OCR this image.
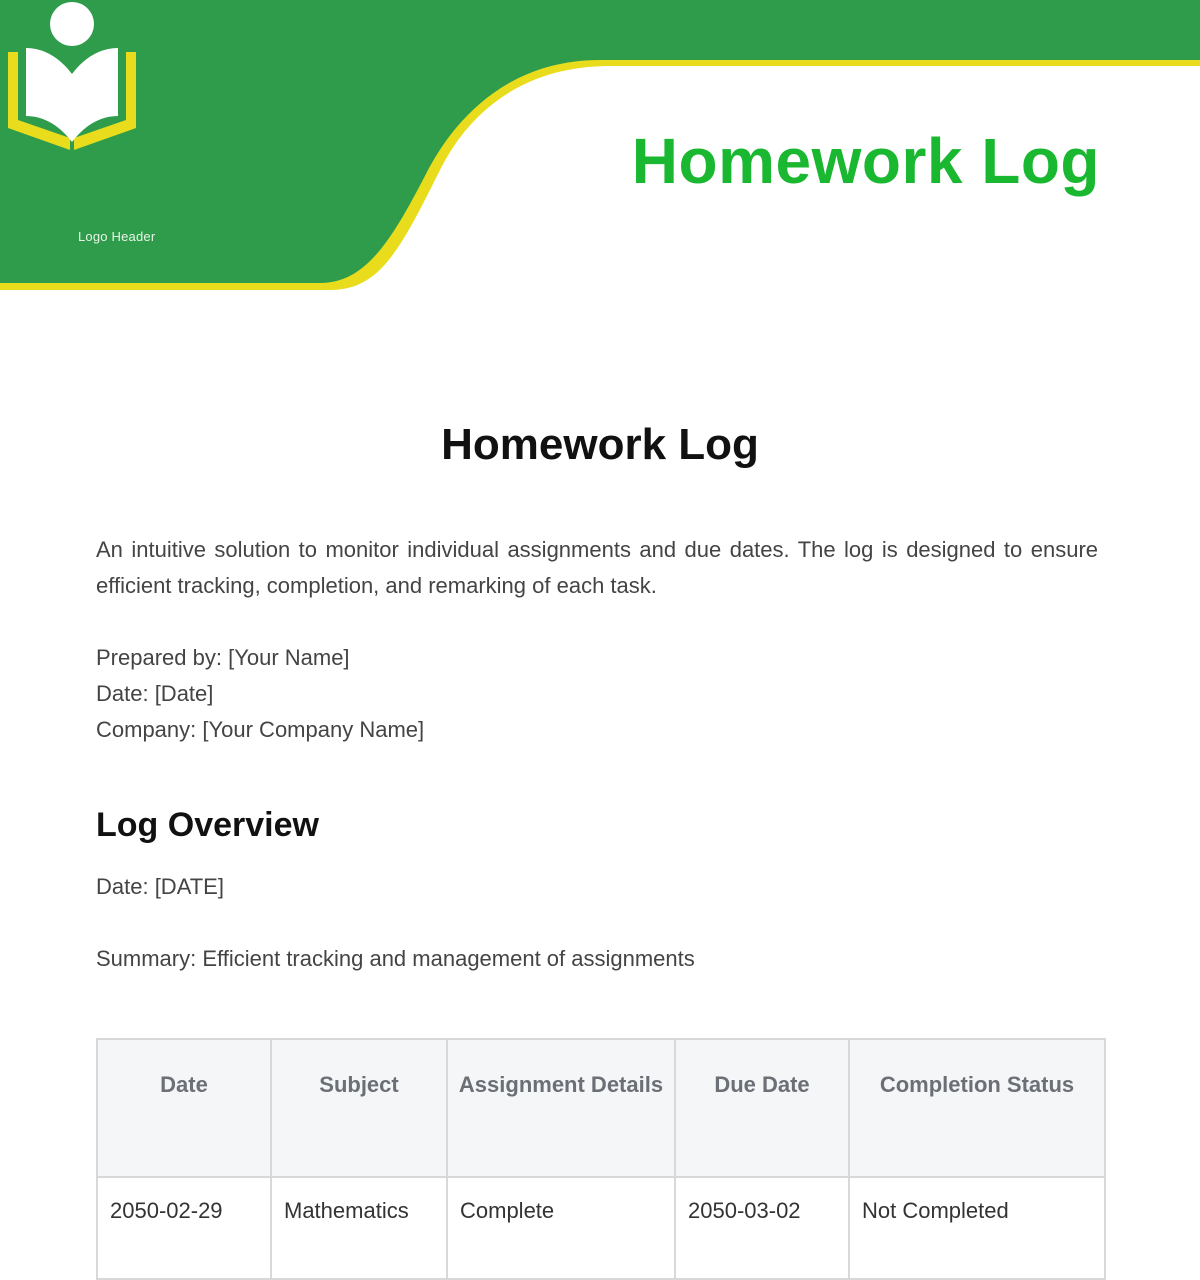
Logo Header
Homework Log
Homework Log

An intuitive solution to monitor individual assignments and due dates. The log is designed to ensure efficient tracking, completion, and remarking of each task.

Prepared by: [Your Name]
Date: [Date]
Company: [Your Company Name]
Log Overview
Date: [DATE]
Summary: Efficient tracking and management of assignments
Date	Subject	Assignment Details	Due Date	Completion Status
2050-02-29	Mathematics	Complete	2050-03-02	Not Completed
